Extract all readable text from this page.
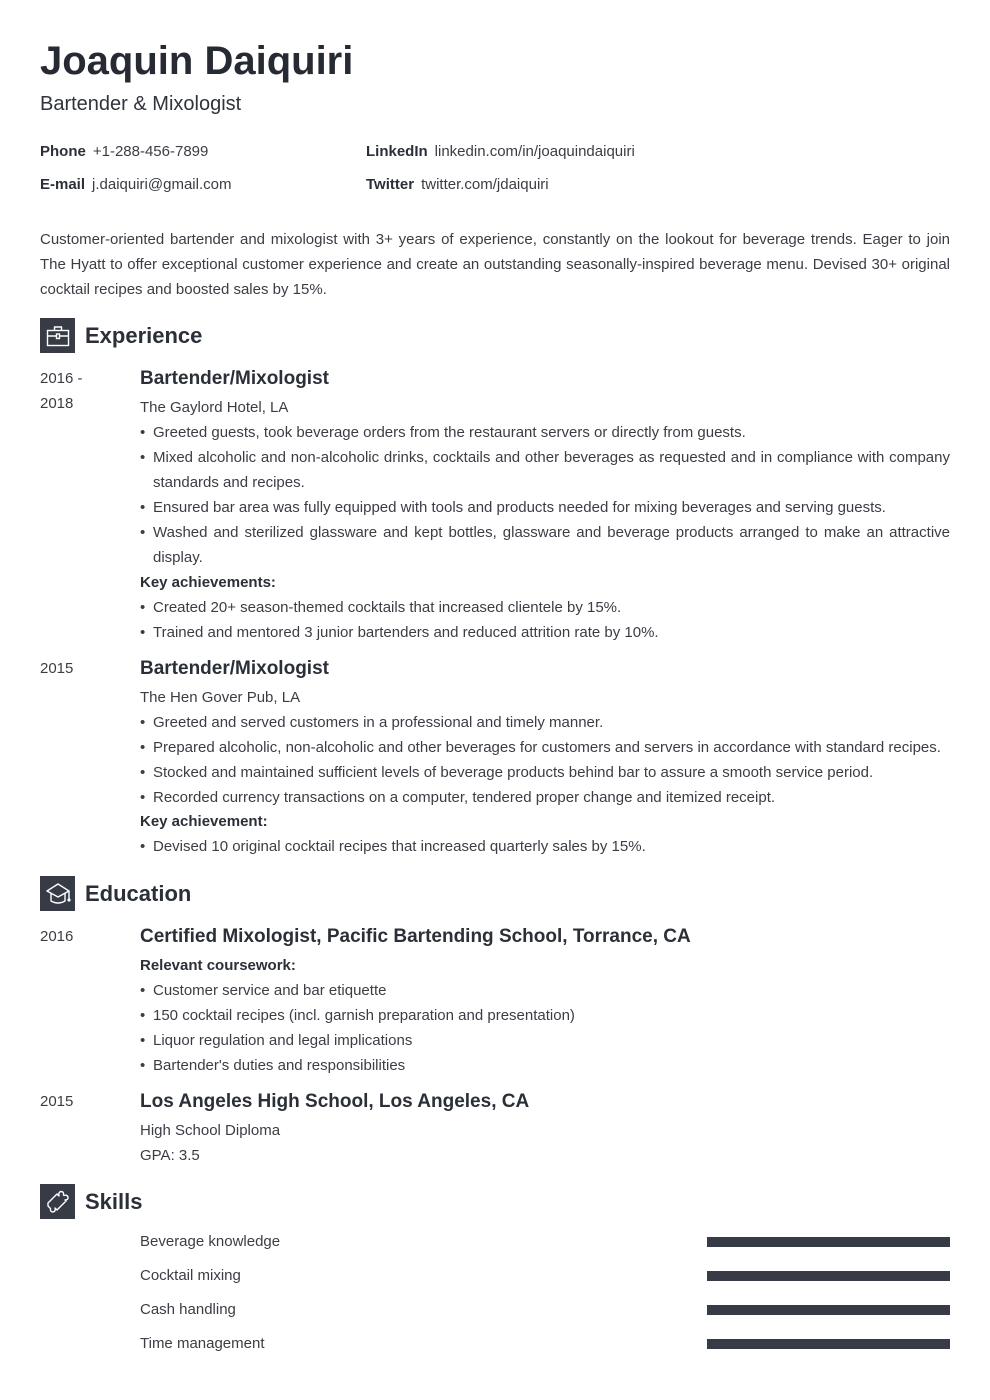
Joaquin Daiquiri
Bartender & Mixologist
Phone +1-288-456-7899	LinkedIn linkedin.com/in/joaquindaiquiri
E-mail j.daiquiri@gmail.com	Twitter twitter.com/jdaiquiri

Customer-oriented bartender and mixologist with 3+ years of experience, constantly on the lookout for beverage trends. Eager to join The Hyatt to offer exceptional customer experience and create an outstanding seasonally-inspired beverage menu. Devised 30+ original cocktail recipes and boosted sales by 15%.

Experience
2016 -
2018
Bartender/Mixologist
The Gaylord Hotel, LA
• Greeted guests, took beverage orders from the restaurant servers or directly from guests.
• Mixed alcoholic and non-alcoholic drinks, cocktails and other beverages as requested and in compliance with company standards and recipes.
• Ensured bar area was fully equipped with tools and products needed for mixing beverages and serving guests.
• Washed and sterilized glassware and kept bottles, glassware and beverage products arranged to make an attractive display.
Key achievements:
• Created 20+ season-themed cocktails that increased clientele by 15%.
• Trained and mentored 3 junior bartenders and reduced attrition rate by 10%.
2015	Bartender/Mixologist
The Hen Gover Pub, LA
• Greeted and served customers in a professional and timely manner.
• Prepared alcoholic, non-alcoholic and other beverages for customers and servers in accordance with standard recipes.
• Stocked and maintained sufficient levels of beverage products behind bar to assure a smooth service period.
• Recorded currency transactions on a computer, tendered proper change and itemized receipt.
Key achievement:
• Devised 10 original cocktail recipes that increased quarterly sales by 15%.
Education
2016	Certified Mixologist, Pacific Bartending School, Torrance, CA
Relevant coursework:
• Customer service and bar etiquette
• 150 cocktail recipes (incl. garnish preparation and presentation)
• Liquor regulation and legal implications
• Bartender's duties and responsibilities
2015	Los Angeles High School, Los Angeles, CA
High School Diploma
GPA: 3.5
Skills
Beverage knowledge
Cocktail mixing
Cash handling
Time management
